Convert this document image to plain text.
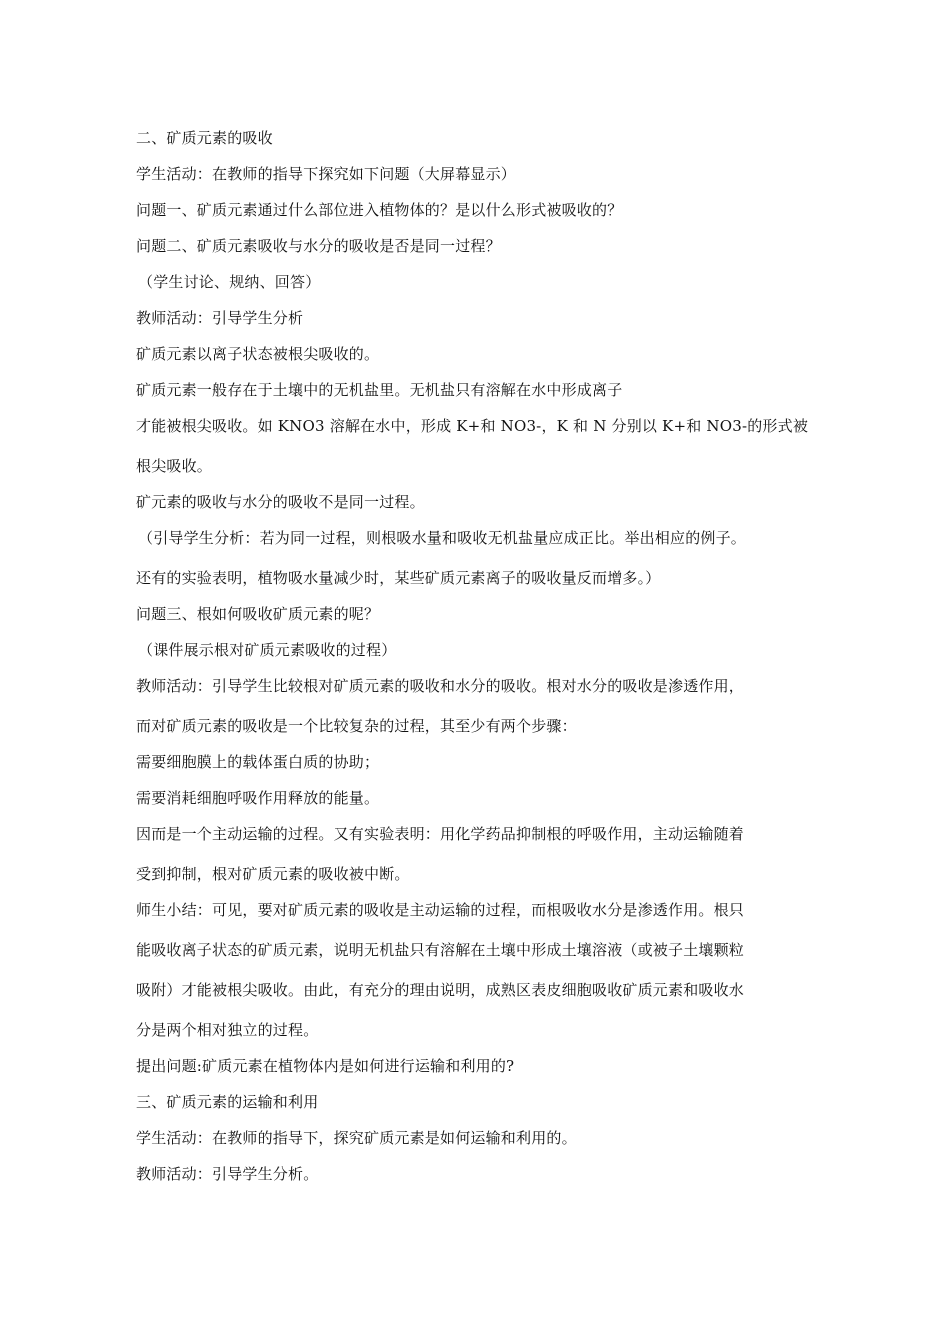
二、矿质元素的吸收
学生活动：在教师的指导下探究如下问题（大屏幕显示）
问题一、矿质元素通过什么部位进入植物体的？是以什么形式被吸收的？
问题二、矿质元素吸收与水分的吸收是否是同一过程？
（学生讨论、规纳、回答）
教师活动：引导学生分析
矿质元素以离子状态被根尖吸收的。
矿质元素一般存在于土壤中的无机盐里。无机盐只有溶解在水中形成离子
才能被根尖吸收。如 KNO3 溶解在水中，形成 K+和 NO3-，K 和 N 分别以 K+和 NO3-的形式被
根尖吸收。
矿元素的吸收与水分的吸收不是同一过程。
（引导学生分析：若为同一过程，则根吸水量和吸收无机盐量应成正比。举出相应的例子。
还有的实验表明，植物吸水量减少时，某些矿质元素离子的吸收量反而增多。）
问题三、根如何吸收矿质元素的呢？
（课件展示根对矿质元素吸收的过程）
教师活动：引导学生比较根对矿质元素的吸收和水分的吸收。根对水分的吸收是渗透作用，
而对矿质元素的吸收是一个比较复杂的过程，其至少有两个步骤：
需要细胞膜上的载体蛋白质的协助；
需要消耗细胞呼吸作用释放的能量。
因而是一个主动运输的过程。又有实验表明：用化学药品抑制根的呼吸作用，主动运输随着
受到抑制，根对矿质元素的吸收被中断。
师生小结：可见，要对矿质元素的吸收是主动运输的过程，而根吸收水分是渗透作用。根只
能吸收离子状态的矿质元素，说明无机盐只有溶解在土壤中形成土壤溶液（或被子土壤颗粒
吸附）才能被根尖吸收。由此，有充分的理由说明，成熟区表皮细胞吸收矿质元素和吸收水
分是两个相对独立的过程。
提出问题:矿质元素在植物体内是如何进行运输和利用的?
三、矿质元素的运输和利用
学生活动：在教师的指导下，探究矿质元素是如何运输和利用的。
教师活动：引导学生分析。
